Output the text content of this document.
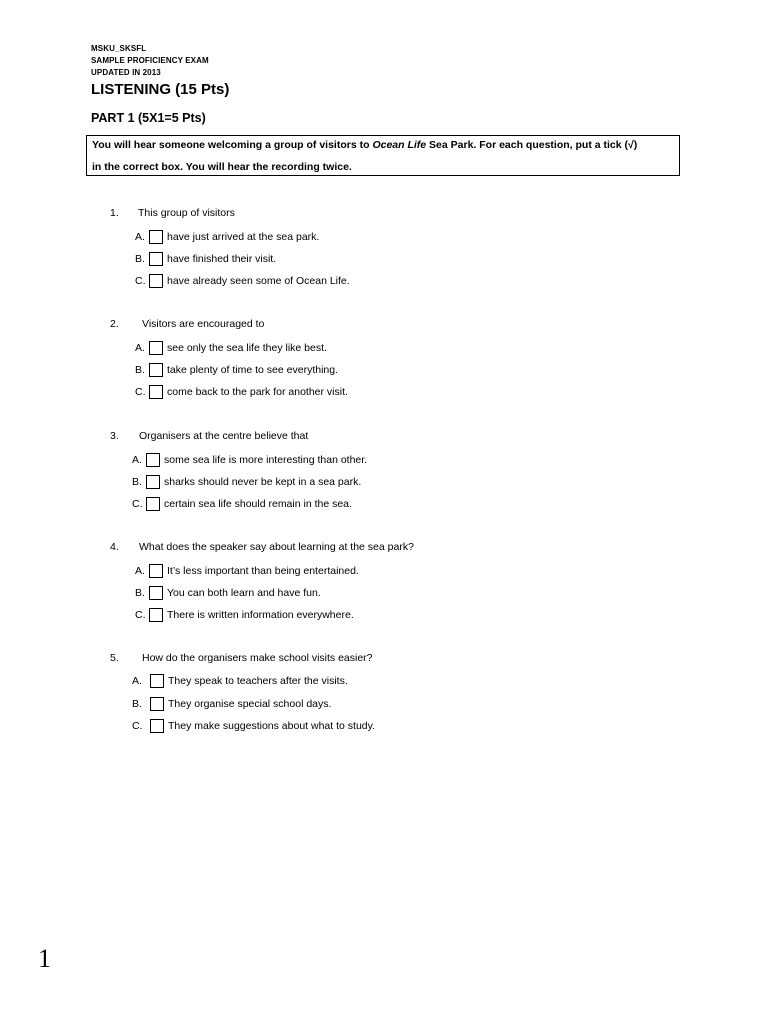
MSKU_SKSFL
SAMPLE PROFICIENCY EXAM
UPDATED IN 2013
LISTENING (15 Pts)
PART 1 (5X1=5 Pts)
You will hear someone welcoming a group of visitors to Ocean Life Sea Park. For each question, put a tick (√)
in the correct box. You will hear the recording twice.
1. This group of visitors
A.	have just arrived at the sea park.
B.	have finished their visit.
C.	have already seen some of Ocean Life.
2. Visitors are encouraged to
A.	see only the sea life they like best.
B.	take plenty of time to see everything.
C.	come back to the park for another visit.
3. Organisers at the centre believe that
A.	some sea life is more interesting than other.
B.	sharks should never be kept in a sea park.
C.	certain sea life should remain in the sea.
4. What does the speaker say about learning at the sea park?
A.	It’s less important than being entertained.
B.	You can both learn and have fun.
C.	There is written information everywhere.
5. How do the organisers make school visits easier?
A.	They speak to teachers after the visits.
B.	They organise special school days.
C.	They make suggestions about what to study.
1
